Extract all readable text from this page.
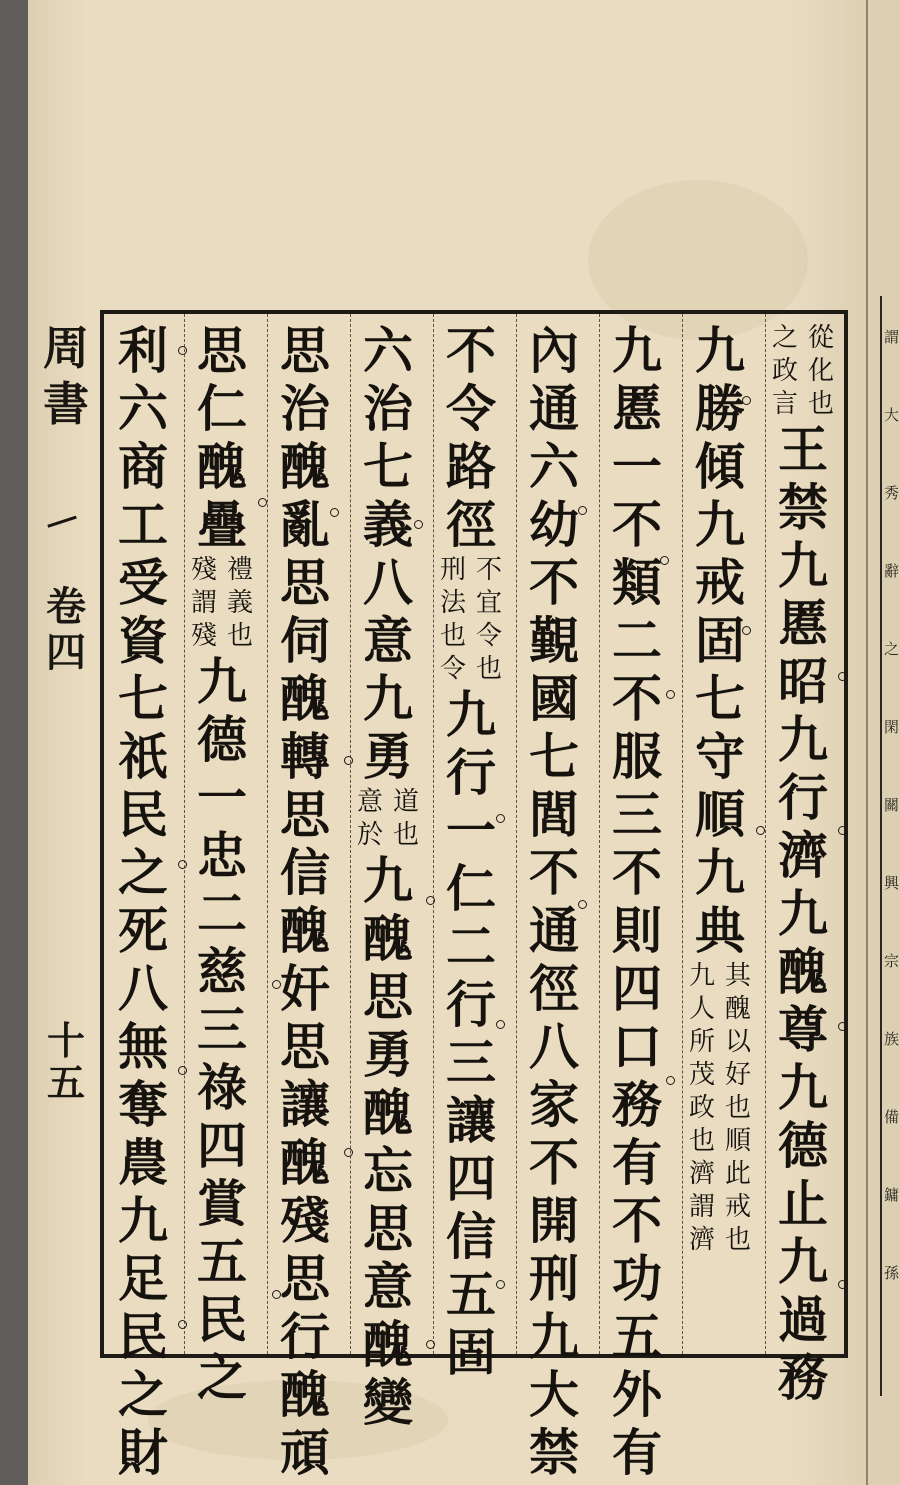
謂
大
秀
辭
之
閑
關
興
宗
族
備
鏞
孫
周
書
卷
四
十五
之
政
言
從
化
也
王
禁
九
慝
昭
九
行
濟
九
醜
尊
九
德
止
九
過
務
九
勝
傾
九
戒
固
七
守
順
九
典
九
人
所
茂
政
也
濟
謂
濟
其
醜
以
好
也
順
此
戒
也
九
慝
一
不
類
二
不
服
三
不
則
四
口
務
有
不
功
五
外
有
內
通
六
幼
不
覲
國
七
閭
不
通
徑
八
家
不
開
刑
九
大
禁
不
令
路
徑
刑
法
也
令
不
宜
令
也
九
行
一
仁
二
行
三
讓
四
信
五
固
六
治
七
義
八
意
九
勇
意
於
道
也
九
醜
思
勇
醜
忘
思
意
醜
變
思
治
醜
亂
思
伺
醜
轉
思
信
醜
奸
思
讓
醜
殘
思
行
醜
頑
思
仁
醜
疊
殘
謂
殘
禮
義
也
九
德
一
忠
二
慈
三
祿
四
賞
五
民
之
利
六
商
工
受
資
七
祇
民
之
死
八
無
奪
農
九
足
民
之
財
